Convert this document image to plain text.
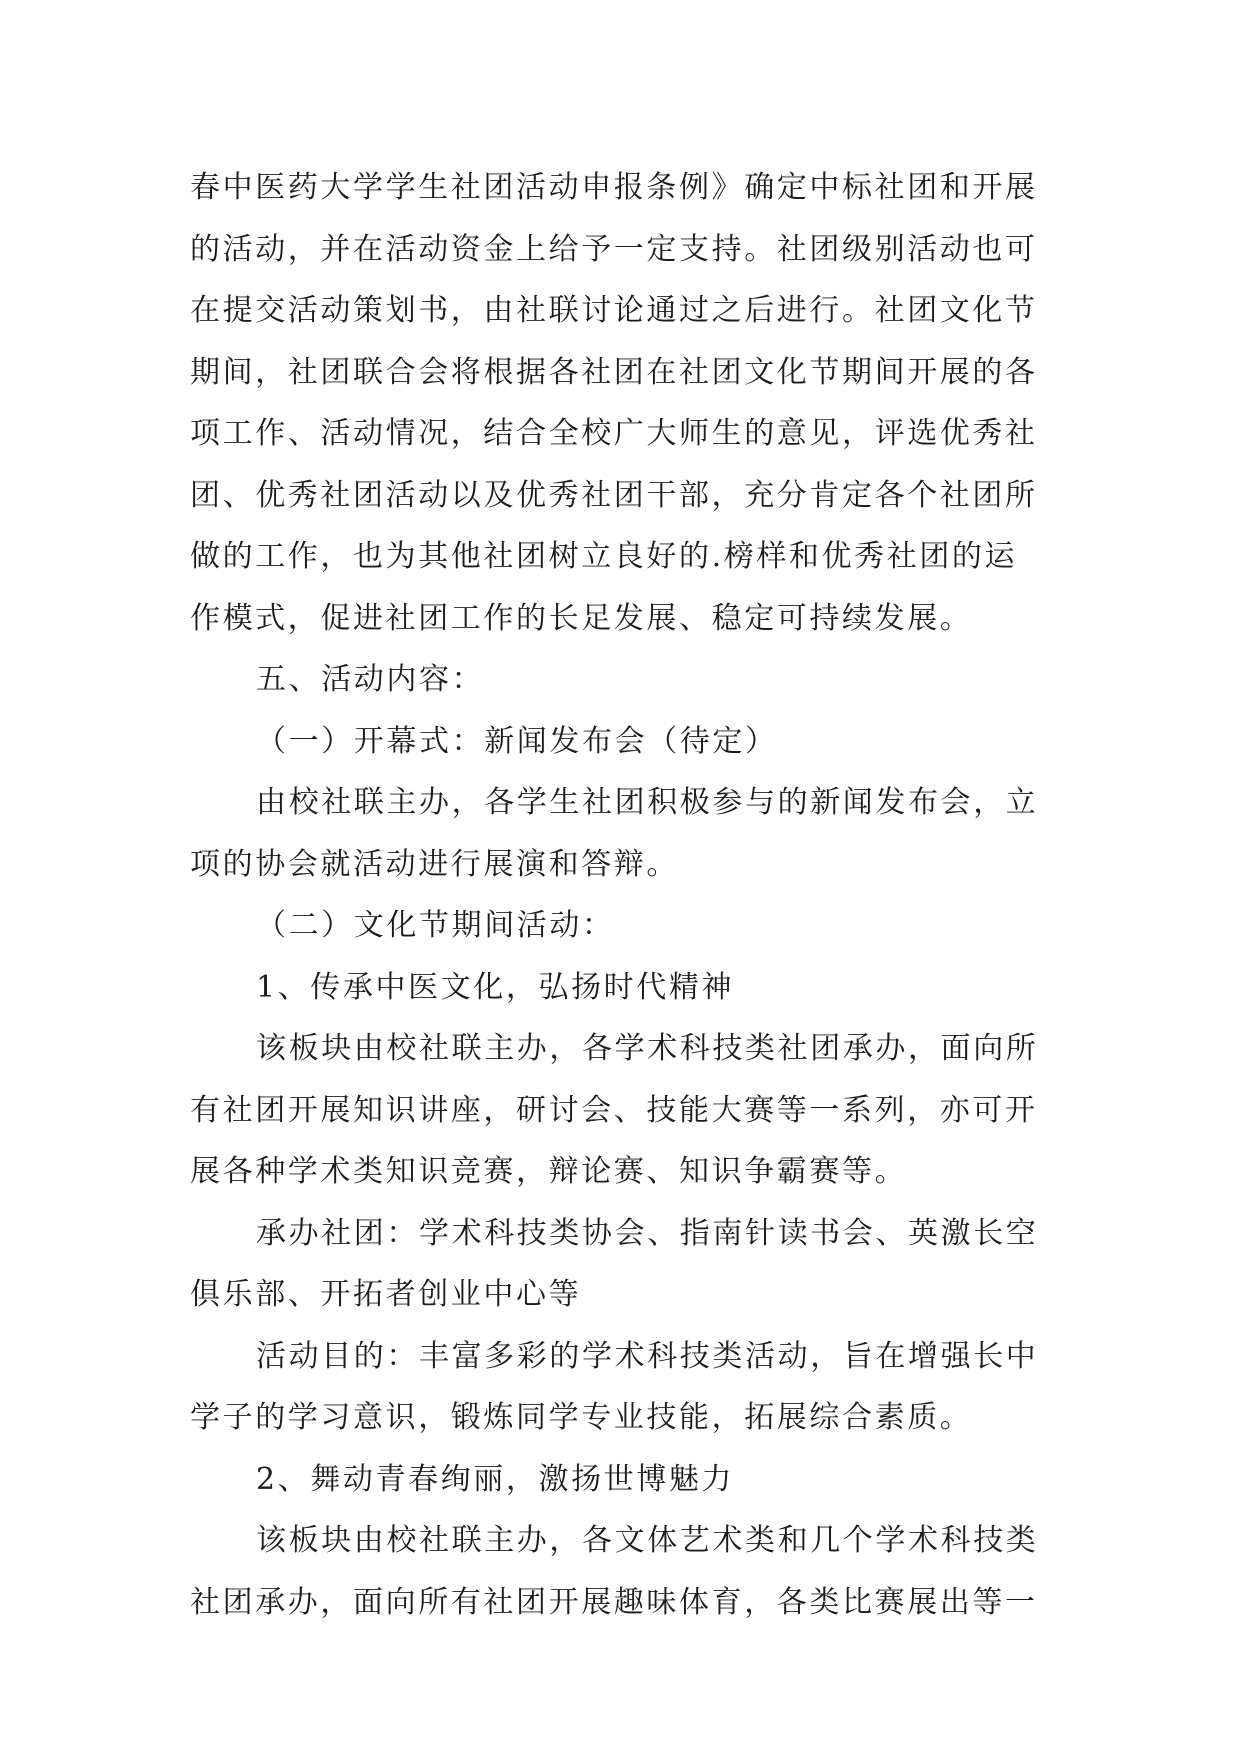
春中医药大学学生社团活动申报条例》确定中标社团和开展
的活动，并在活动资金上给予一定支持。社团级别活动也可
在提交活动策划书，由社联讨论通过之后进行。社团文化节
期间，社团联合会将根据各社团在社团文化节期间开展的各
项工作、活动情况，结合全校广大师生的意见，评选优秀社
团、优秀社团活动以及优秀社团干部，充分肯定各个社团所
做的工作，也为其他社团树立良好的.榜样和优秀社团的运
作模式，促进社团工作的长足发展、稳定可持续发展。
五、活动内容：
（一）开幕式：新闻发布会（待定）
由校社联主办，各学生社团积极参与的新闻发布会，立
项的协会就活动进行展演和答辩。
（二）文化节期间活动：
1、传承中医文化，弘扬时代精神
该板块由校社联主办，各学术科技类社团承办，面向所
有社团开展知识讲座，研讨会、技能大赛等一系列，亦可开
展各种学术类知识竞赛，辩论赛、知识争霸赛等。
承办社团：学术科技类协会、指南针读书会、英激长空
俱乐部、开拓者创业中心等
活动目的：丰富多彩的学术科技类活动，旨在增强长中
学子的学习意识，锻炼同学专业技能，拓展综合素质。
2、舞动青春绚丽，激扬世博魅力
该板块由校社联主办，各文体艺术类和几个学术科技类
社团承办，面向所有社团开展趣味体育，各类比赛展出等一
